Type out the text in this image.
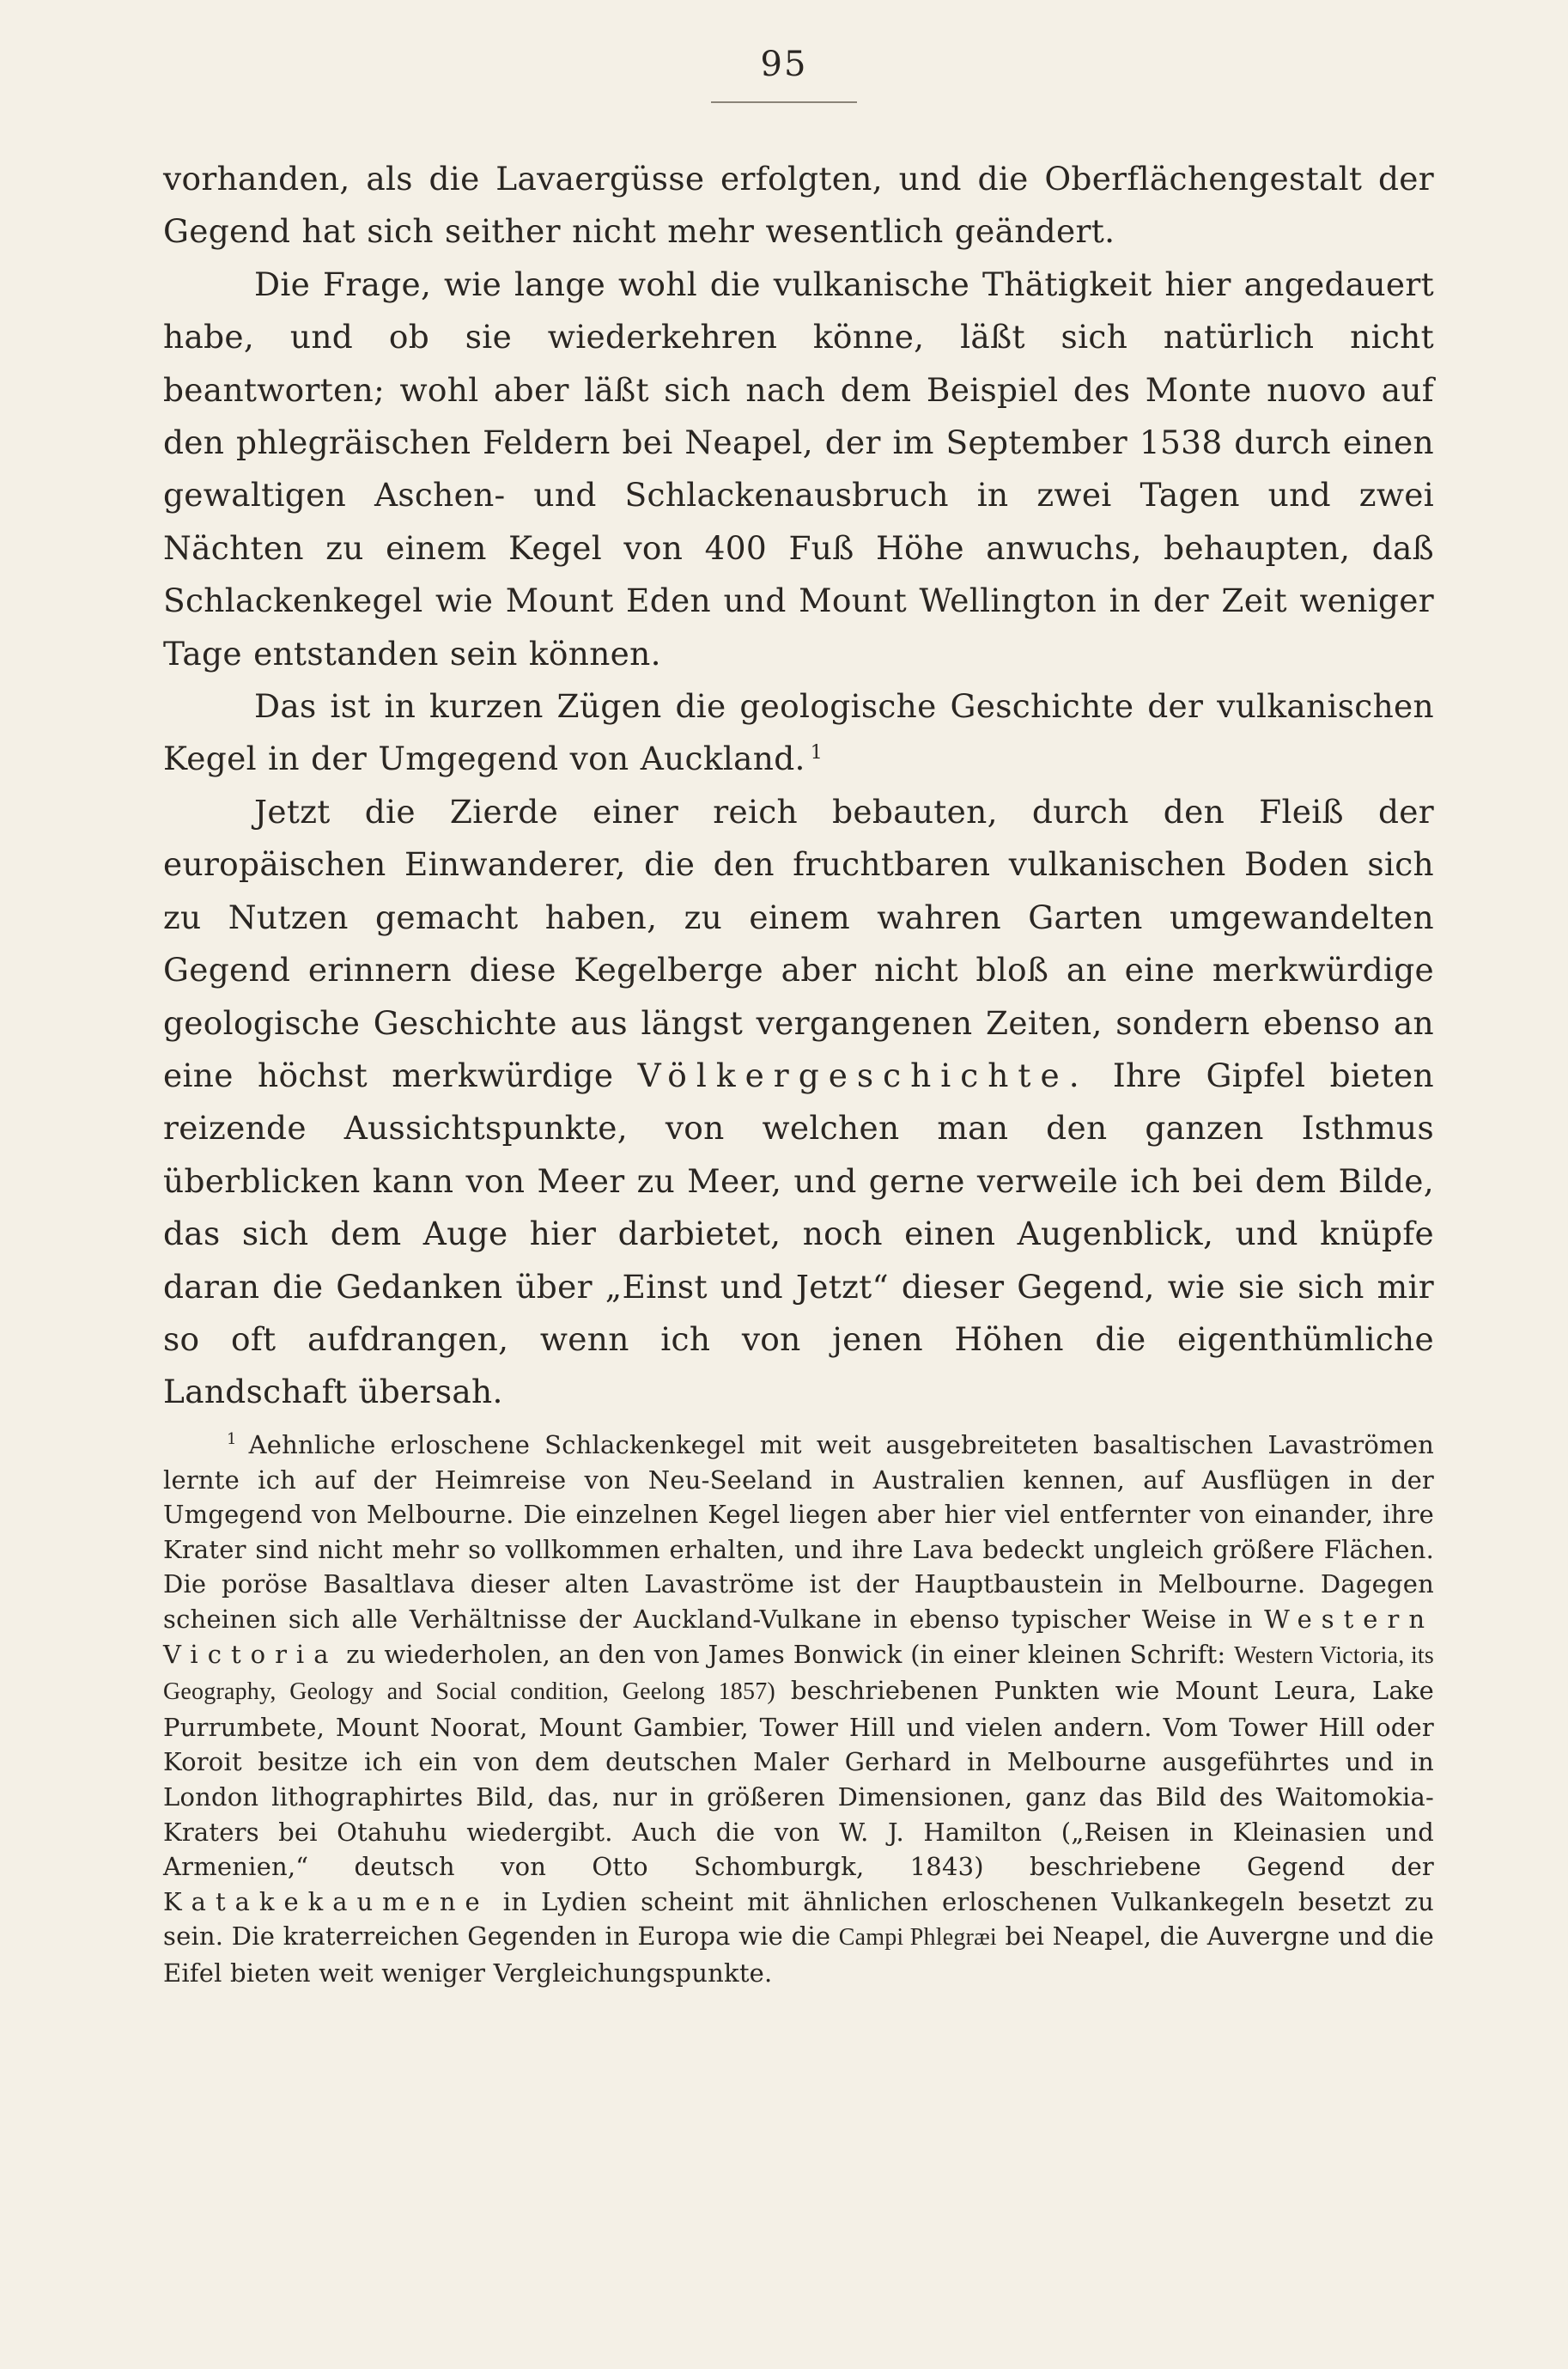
95

vorhanden, als die Lavaergüsse erfolgten, und die Oberflächengestalt der Gegend hat sich seither nicht mehr wesentlich geändert.

Die Frage, wie lange wohl die vulkanische Thätigkeit hier angedauert habe, und ob sie wiederkehren könne, läßt sich natürlich nicht beantworten; wohl aber läßt sich nach dem Beispiel des Monte nuovo auf den phlegräischen Feldern bei Neapel, der im September 1538 durch einen gewaltigen Aschen- und Schlackenausbruch in zwei Tagen und zwei Nächten zu einem Kegel von 400 Fuß Höhe anwuchs, behaupten, daß Schlackenkegel wie Mount Eden und Mount Wellington in der Zeit weniger Tage entstanden sein können.

Das ist in kurzen Zügen die geologische Geschichte der vulkanischen Kegel in der Umgegend von Auckland. $^1$

Jetzt die Zierde einer reich bebauten, durch den Fleiß der europäischen Einwanderer, die den fruchtbaren vulkanischen Boden sich zu Nutzen gemacht haben, zu einem wahren Garten umgewandelten Gegend erinnern diese Kegelberge aber nicht bloß an eine merkwürdige geologische Geschichte aus längst vergangenen Zeiten, sondern ebenso an eine höchst merkwürdige Völkergeschichte. Ihre Gipfel bieten reizende Aussichtspunkte, von welchen man den ganzen Isthmus überblicken kann von Meer zu Meer, und gerne verweile ich bei dem Bilde, das sich dem Auge hier darbietet, noch einen Augenblick, und knüpfe daran die Gedanken über „Einst und Jetzt“ dieser Gegend, wie sie sich mir so oft aufdrangen, wenn ich von jenen Höhen die eigenthümliche Landschaft übersah.

$^1$ Aehnliche erloschene Schlackenkegel mit weit ausgebreiteten basaltischen Lavaströmen lernte ich auf der Heimreise von Neu-Seeland in Australien kennen, auf Ausflügen in der Umgegend von Melbourne. Die einzelnen Kegel liegen aber hier viel entfernter von einander, ihre Krater sind nicht mehr so vollkommen erhalten, und ihre Lava bedeckt ungleich größere Flächen. Die poröse Basaltlava dieser alten Lavaströme ist der Hauptbaustein in Melbourne. Dagegen scheinen sich alle Verhältnisse der Auckland-Vulkane in ebenso typischer Weise in Western Victoria zu wiederholen, an den von James Bonwick (in einer kleinen Schrift: Western Victoria, its Geography, Geology and Social condition, Geelong 1857) beschriebenen Punkten wie Mount Leura, Lake Purrumbete, Mount Noorat, Mount Gambier, Tower Hill und vielen andern. Vom Tower Hill oder Koroit besitze ich ein von dem deutschen Maler Gerhard in Melbourne ausgeführtes und in London lithographirtes Bild, das, nur in größeren Dimensionen, ganz das Bild des Waitomokia-Kraters bei Otahuhu wiedergibt. Auch die von W. J. Hamilton („Reisen in Kleinasien und Armenien,“ deutsch von Otto Schomburgk, 1843) beschriebene Gegend der Katakekaumene in Lydien scheint mit ähnlichen erloschenen Vulkankegeln besetzt zu sein. Die kraterreichen Gegenden in Europa wie die Campi Phlegræi bei Neapel, die Auvergne und die Eifel bieten weit weniger Vergleichungspunkte.
